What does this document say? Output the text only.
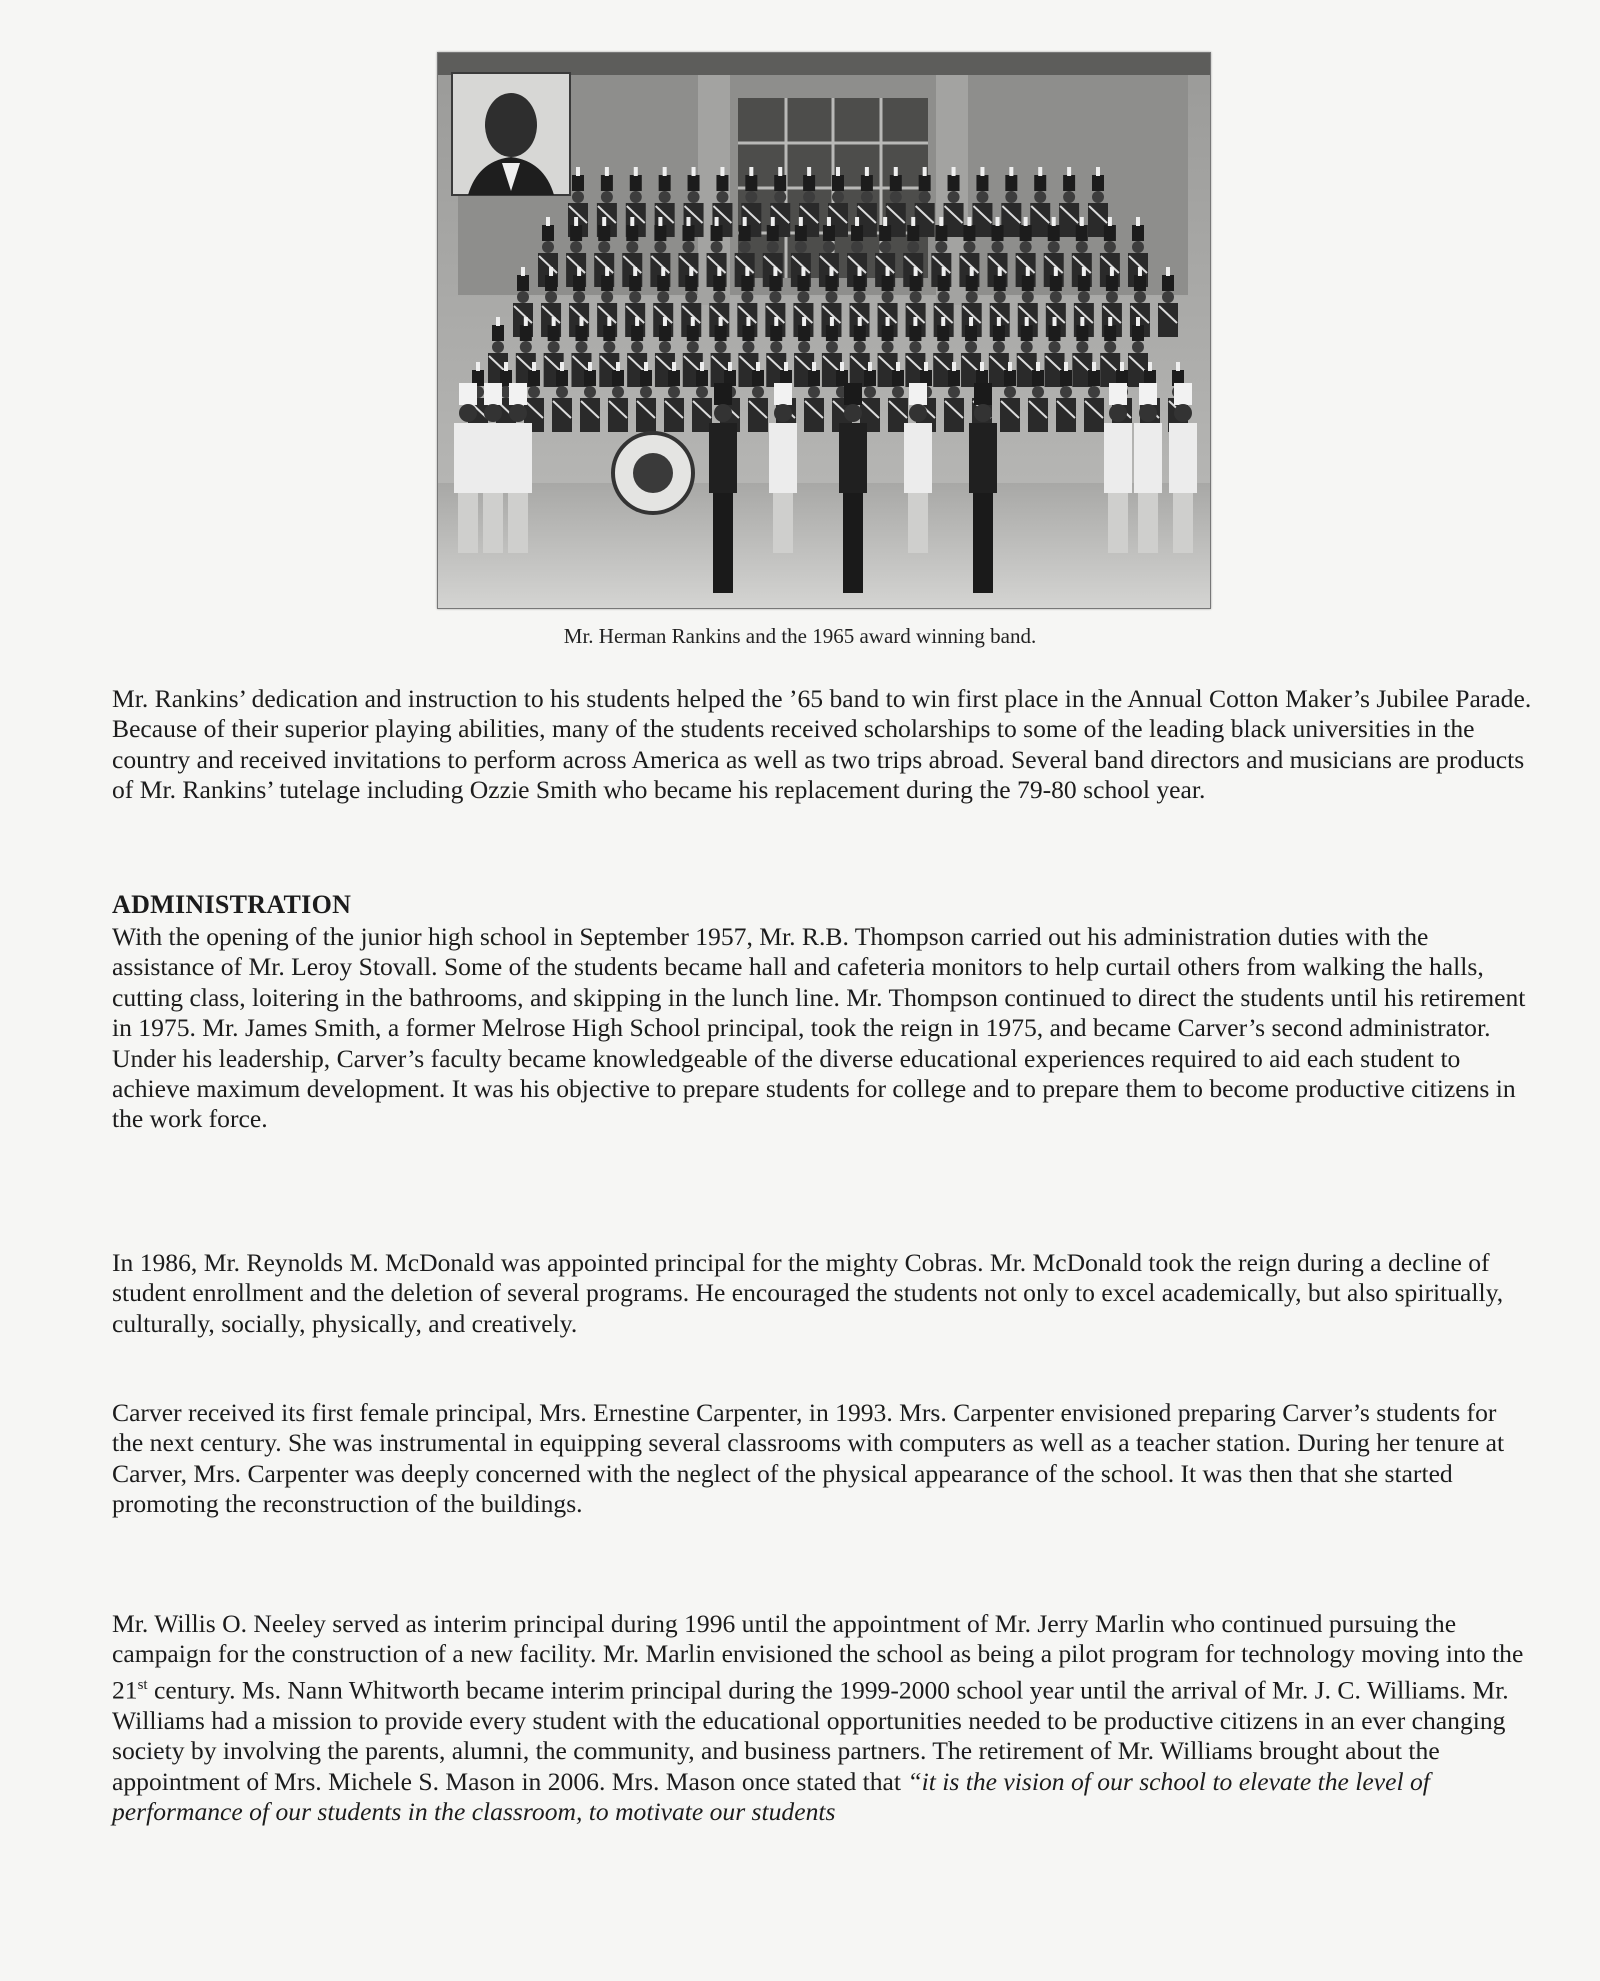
Mr. Herman Rankins and the 1965 award winning band.

Mr. Rankins’ dedication and instruction to his students helped the ’65 band to win first place in the Annual Cotton Maker’s Jubilee Parade. Because of their superior playing abilities, many of the students received scholarships to some of the leading black universities in the country and received invitations to perform across America as well as two trips abroad. Several band directors and musicians are products of Mr. Rankins’ tutelage including Ozzie Smith who became his replacement during the 79-80 school year.

ADMINISTRATION

With the opening of the junior high school in September 1957, Mr. R.B. Thompson carried out his administration duties with the assistance of Mr. Leroy Stovall. Some of the students became hall and cafeteria monitors to help curtail others from walking the halls, cutting class, loitering in the bathrooms, and skipping in the lunch line. Mr. Thompson continued to direct the students until his retirement in 1975. Mr. James Smith, a former Melrose High School principal, took the reign in 1975, and became Carver’s second administrator. Under his leadership, Carver’s faculty became knowledgeable of the diverse educational experiences required to aid each student to achieve maximum development. It was his objective to prepare students for college and to prepare them to become productive citizens in the work force.

In 1986, Mr. Reynolds M. McDonald was appointed principal for the mighty Cobras. Mr. McDonald took the reign during a decline of student enrollment and the deletion of several programs. He encouraged the students not only to excel academically, but also spiritually, culturally, socially, physically, and creatively.

Carver received its first female principal, Mrs. Ernestine Carpenter, in 1993. Mrs. Carpenter envisioned preparing Carver’s students for the next century. She was instrumental in equipping several classrooms with computers as well as a teacher station. During her tenure at Carver, Mrs. Carpenter was deeply concerned with the neglect of the physical appearance of the school. It was then that she started promoting the reconstruction of the buildings.

Mr. Willis O. Neeley served as interim principal during 1996 until the appointment of Mr. Jerry Marlin who continued pursuing the campaign for the construction of a new facility. Mr. Marlin envisioned the school as being a pilot program for technology moving into the 21st century. Ms. Nann Whitworth became interim principal during the 1999-2000 school year until the arrival of Mr. J. C. Williams. Mr. Williams had a mission to provide every student with the educational opportunities needed to be productive citizens in an ever changing society by involving the parents, alumni, the community, and business partners. The retirement of Mr. Williams brought about the appointment of Mrs. Michele S. Mason in 2006. Mrs. Mason once stated that “it is the vision of our school to elevate the level of performance of our students in the classroom, to motivate our students
